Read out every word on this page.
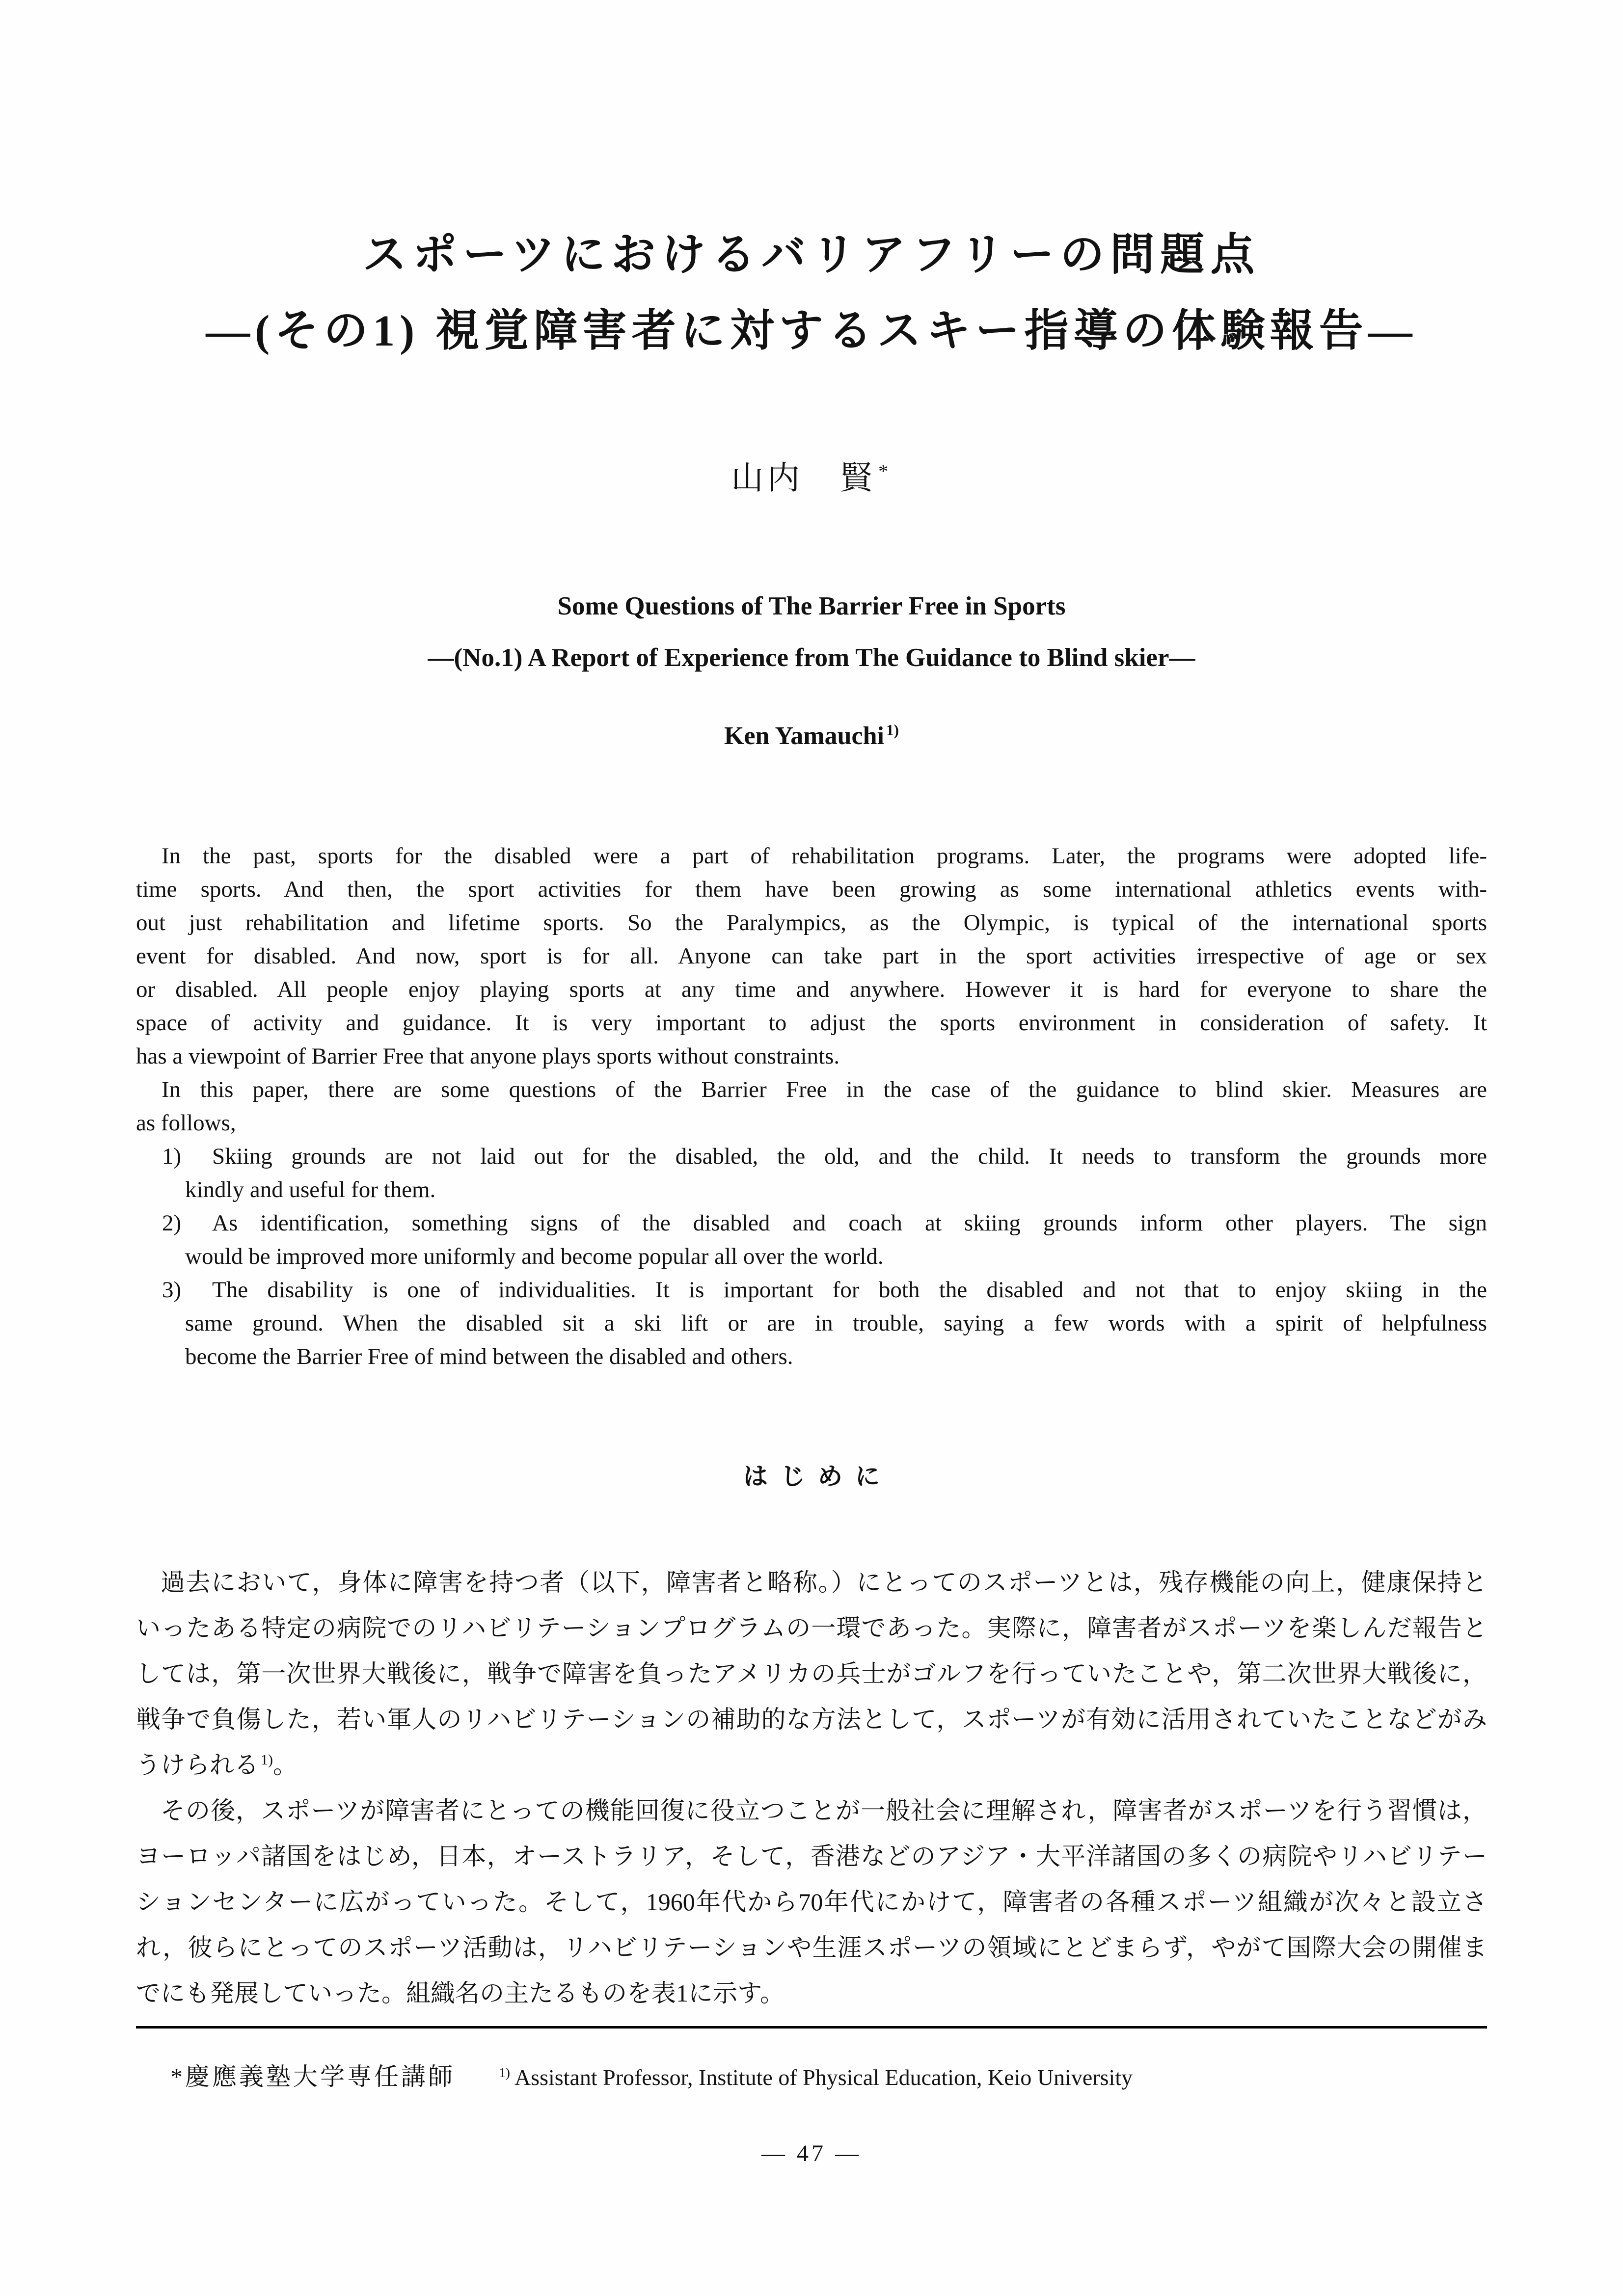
スポーツにおけるバリアフリーの問題点
―(その1) 視覚障害者に対するスキー指導の体験報告―
山内　賢 *
Some Questions of The Barrier Free in Sports
―(No.1) A Report of Experience from The Guidance to Blind skier―
Ken Yamauchi $^{1)}$
In the past, sports for the disabled were a part of rehabilitation programs. Later, the programs were adopted life-
time sports. And then, the sport activities for them have been growing as some international athletics events with-
out just rehabilitation and lifetime sports. So the Paralympics, as the Olympic, is typical of the international sports
event for disabled. And now, sport is for all. Anyone can take part in the sport activities irrespective of age or sex
or disabled. All people enjoy playing sports at any time and anywhere. However it is hard for everyone to share the
space of activity and guidance. It is very important to adjust the sports environment in consideration of safety. It
has a viewpoint of Barrier Free that anyone plays sports without constraints.
In this paper, there are some questions of the Barrier Free in the case of the guidance to blind skier. Measures are
as follows,
1)	Skiing grounds are not laid out for the disabled, the old, and the child. It needs to transform the grounds more
kindly and useful for them.
2)	As identification, something signs of the disabled and coach at skiing grounds inform other players. The sign
would be improved more uniformly and become popular all over the world.
3)	The disability is one of individualities. It is important for both the disabled and not that to enjoy skiing in the
same ground. When the disabled sit a ski lift or are in trouble, saying a few words with a spirit of helpfulness
become the Barrier Free of mind between the disabled and others.
はじめに
過去において，身体に障害を持つ者（以下，障害者と略称。）にとってのスポーツとは，残存機能の向上，健康保持と
いったある特定の病院でのリハビリテーションプログラムの一環であった。実際に，障害者がスポーツを楽しんだ報告と
しては，第一次世界大戦後に，戦争で障害を負ったアメリカの兵士がゴルフを行っていたことや，第二次世界大戦後に，
戦争で負傷した，若い軍人のリハビリテーションの補助的な方法として，スポーツが有効に活用されていたことなどがみ
うけられる $^{1)}$。
その後，スポーツが障害者にとっての機能回復に役立つことが一般社会に理解され，障害者がスポーツを行う習慣は，
ヨーロッパ諸国をはじめ，日本，オーストラリア，そして，香港などのアジア・大平洋諸国の多くの病院やリハビリテー
ションセンターに広がっていった。そして，1960年代から70年代にかけて，障害者の各種スポーツ組織が次々と設立さ
れ，彼らにとってのスポーツ活動は，リハビリテーションや生涯スポーツの領域にとどまらず，やがて国際大会の開催ま
でにも発展していった。組織名の主たるものを表1に示す。
*慶應義塾大学専任講師	$^{1)}$ Assistant Professor, Institute of Physical Education, Keio University
― 47 ―
